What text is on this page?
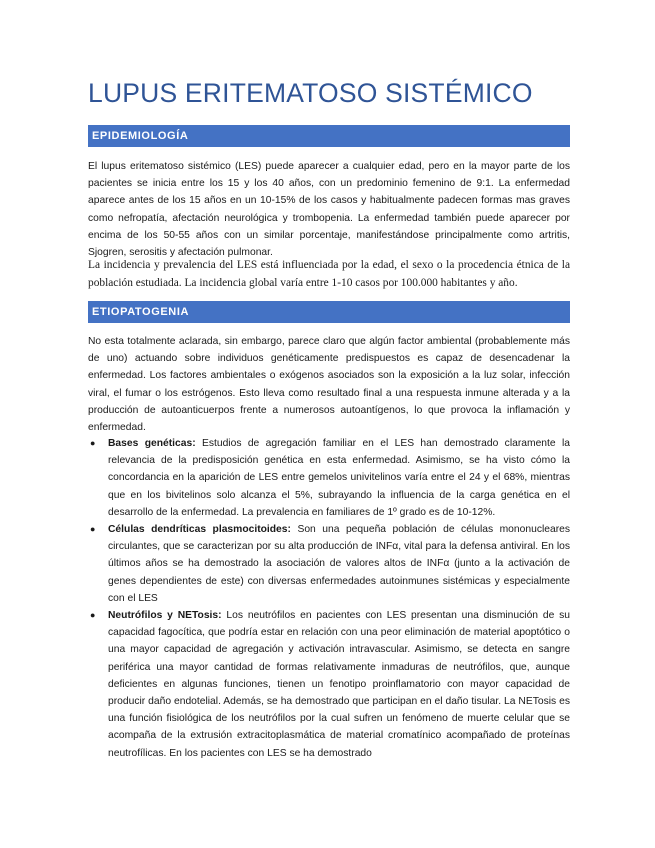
LUPUS ERITEMATOSO SISTÉMICO
EPIDEMIOLOGÍA

El lupus eritematoso sistémico (LES) puede aparecer a cualquier edad, pero en la mayor parte de los pacientes se inicia entre los 15 y los 40 años, con un predominio femenino de 9:1. La enfermedad aparece antes de los 15 años en un 10-15% de los casos y habitualmente padecen formas mas graves como nefropatía, afectación neurológica y trombopenia. La enfermedad también puede aparecer por encima de los 50-55 años con un similar porcentaje, manifestándose principalmente como artritis, Sjogren, serositis y afectación pulmonar.

La incidencia y prevalencia del LES está influenciada por la edad, el sexo o la procedencia étnica de la población estudiada. La incidencia global varía entre 1-10 casos por 100.000 habitantes y año.

ETIOPATOGENIA

No esta totalmente aclarada, sin embargo, parece claro que algún factor ambiental (probablemente más de uno) actuando sobre individuos genéticamente predispuestos es capaz de desencadenar la enfermedad. Los factores ambientales o exógenos asociados son la exposición a la luz solar, infección viral, el fumar o los estrógenos. Esto lleva como resultado final a una respuesta inmune alterada y a la producción de autoanticuerpos frente a numerosos autoantígenos, lo que provoca la inflamación y enfermedad.

● Bases genéticas: Estudios de agregación familiar en el LES han demostrado claramente la relevancia de la predisposición genética en esta enfermedad. Asimismo, se ha visto cómo la concordancia en la aparición de LES entre gemelos univitelinos varía entre el 24 y el 68%, mientras que en los bivitelinos solo alcanza el 5%, subrayando la influencia de la carga genética en el desarrollo de la enfermedad. La prevalencia en familiares de 1º grado es de 10-12%.
● Células dendríticas plasmocitoides: Son una pequeña población de células mononucleares circulantes, que se caracterizan por su alta producción de INFα, vital para la defensa antiviral. En los últimos años se ha demostrado la asociación de valores altos de INFα (junto a la activación de genes dependientes de este) con diversas enfermedades autoinmunes sistémicas y especialmente con el LES
● Neutrófilos y NETosis: Los neutrófilos en pacientes con LES presentan una disminución de su capacidad fagocítica, que podría estar en relación con una peor eliminación de material apoptótico o una mayor capacidad de agregación y activación intravascular. Asimismo, se detecta en sangre periférica una mayor cantidad de formas relativamente inmaduras de neutrófilos, que, aunque deficientes en algunas funciones, tienen un fenotipo proinflamatorio con mayor capacidad de producir daño endotelial. Además, se ha demostrado que participan en el daño tisular. La NETosis es una función fisiológica de los neutrófilos por la cual sufren un fenómeno de muerte celular que se acompaña de la extrusión extracitoplasmática de material cromatínico acompañado de proteínas neutrofílicas. En los pacientes con LES se ha demostrado
